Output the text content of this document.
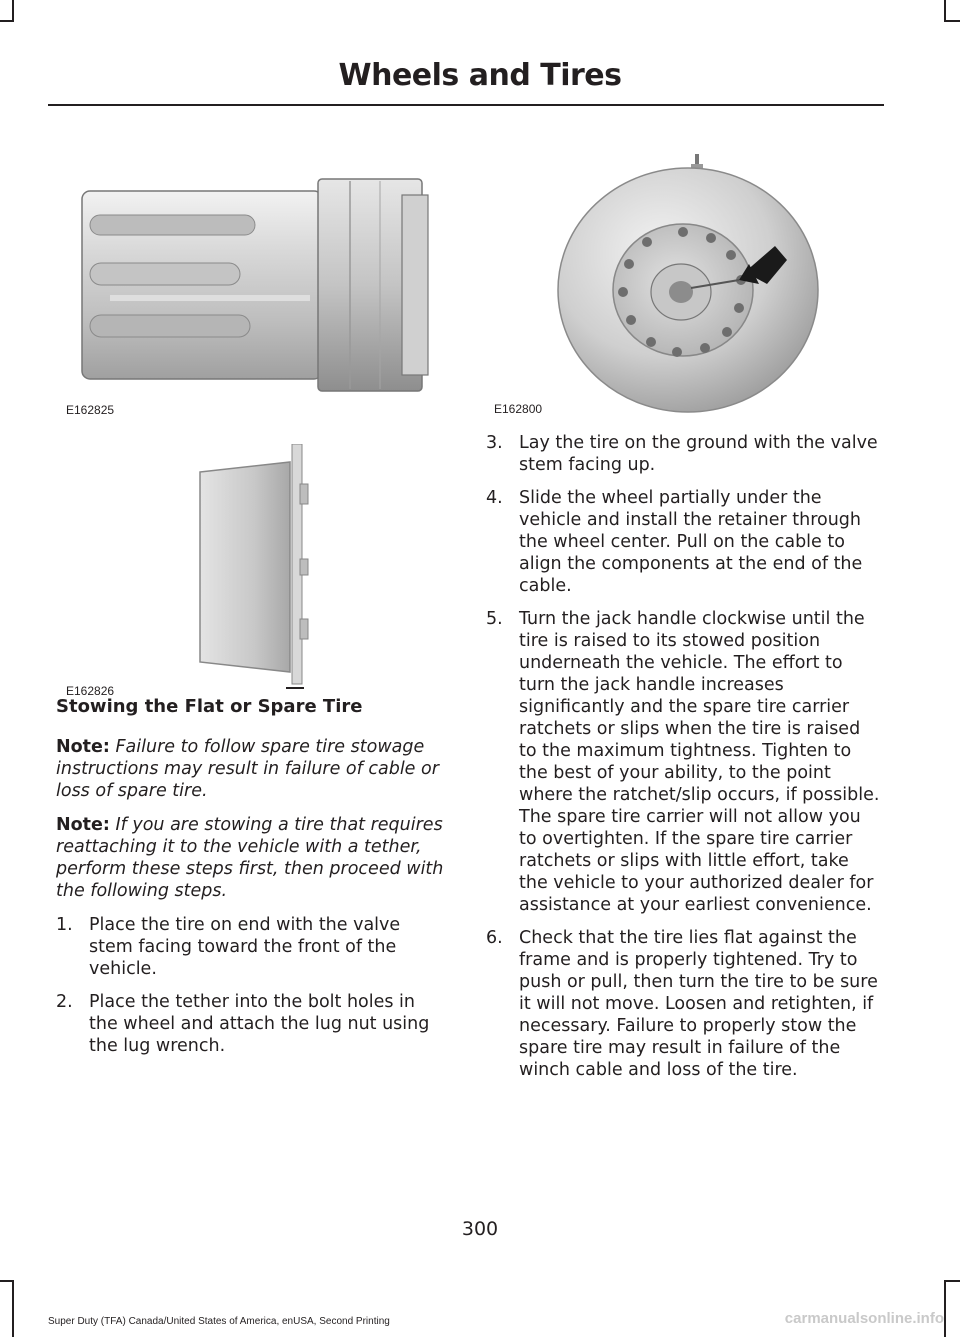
Wheels and Tires
E162825
E162826
E162800
Stowing the Flat or Spare Tire
Note: Failure to follow spare tire stowage instructions may result in failure of cable or loss of spare tire.
Note: If you are stowing a tire that requires reattaching it to the vehicle with a tether, perform these steps first, then proceed with the following steps.
1. Place the tire on end with the valve stem facing toward the front of the vehicle.
2. Place the tether into the bolt holes in the wheel and attach the lug nut using the lug wrench.
3. Lay the tire on the ground with the valve stem facing up.
4. Slide the wheel partially under the vehicle and install the retainer through the wheel center. Pull on the cable to align the components at the end of the cable.
5. Turn the jack handle clockwise until the tire is raised to its stowed position underneath the vehicle. The effort to turn the jack handle increases significantly and the spare tire carrier ratchets or slips when the tire is raised to the maximum tightness. Tighten to the best of your ability, to the point where the ratchet/slip occurs, if possible. The spare tire carrier will not allow you to overtighten. If the spare tire carrier ratchets or slips with little effort, take the vehicle to your authorized dealer for assistance at your earliest convenience.
6. Check that the tire lies flat against the frame and is properly tightened. Try to push or pull, then turn the tire to be sure it will not move. Loosen and retighten, if necessary. Failure to properly stow the spare tire may result in failure of the winch cable and loss of the tire.
300
Super Duty (TFA) Canada/United States of America, enUSA, Second Printing	carmanualsonline.info
